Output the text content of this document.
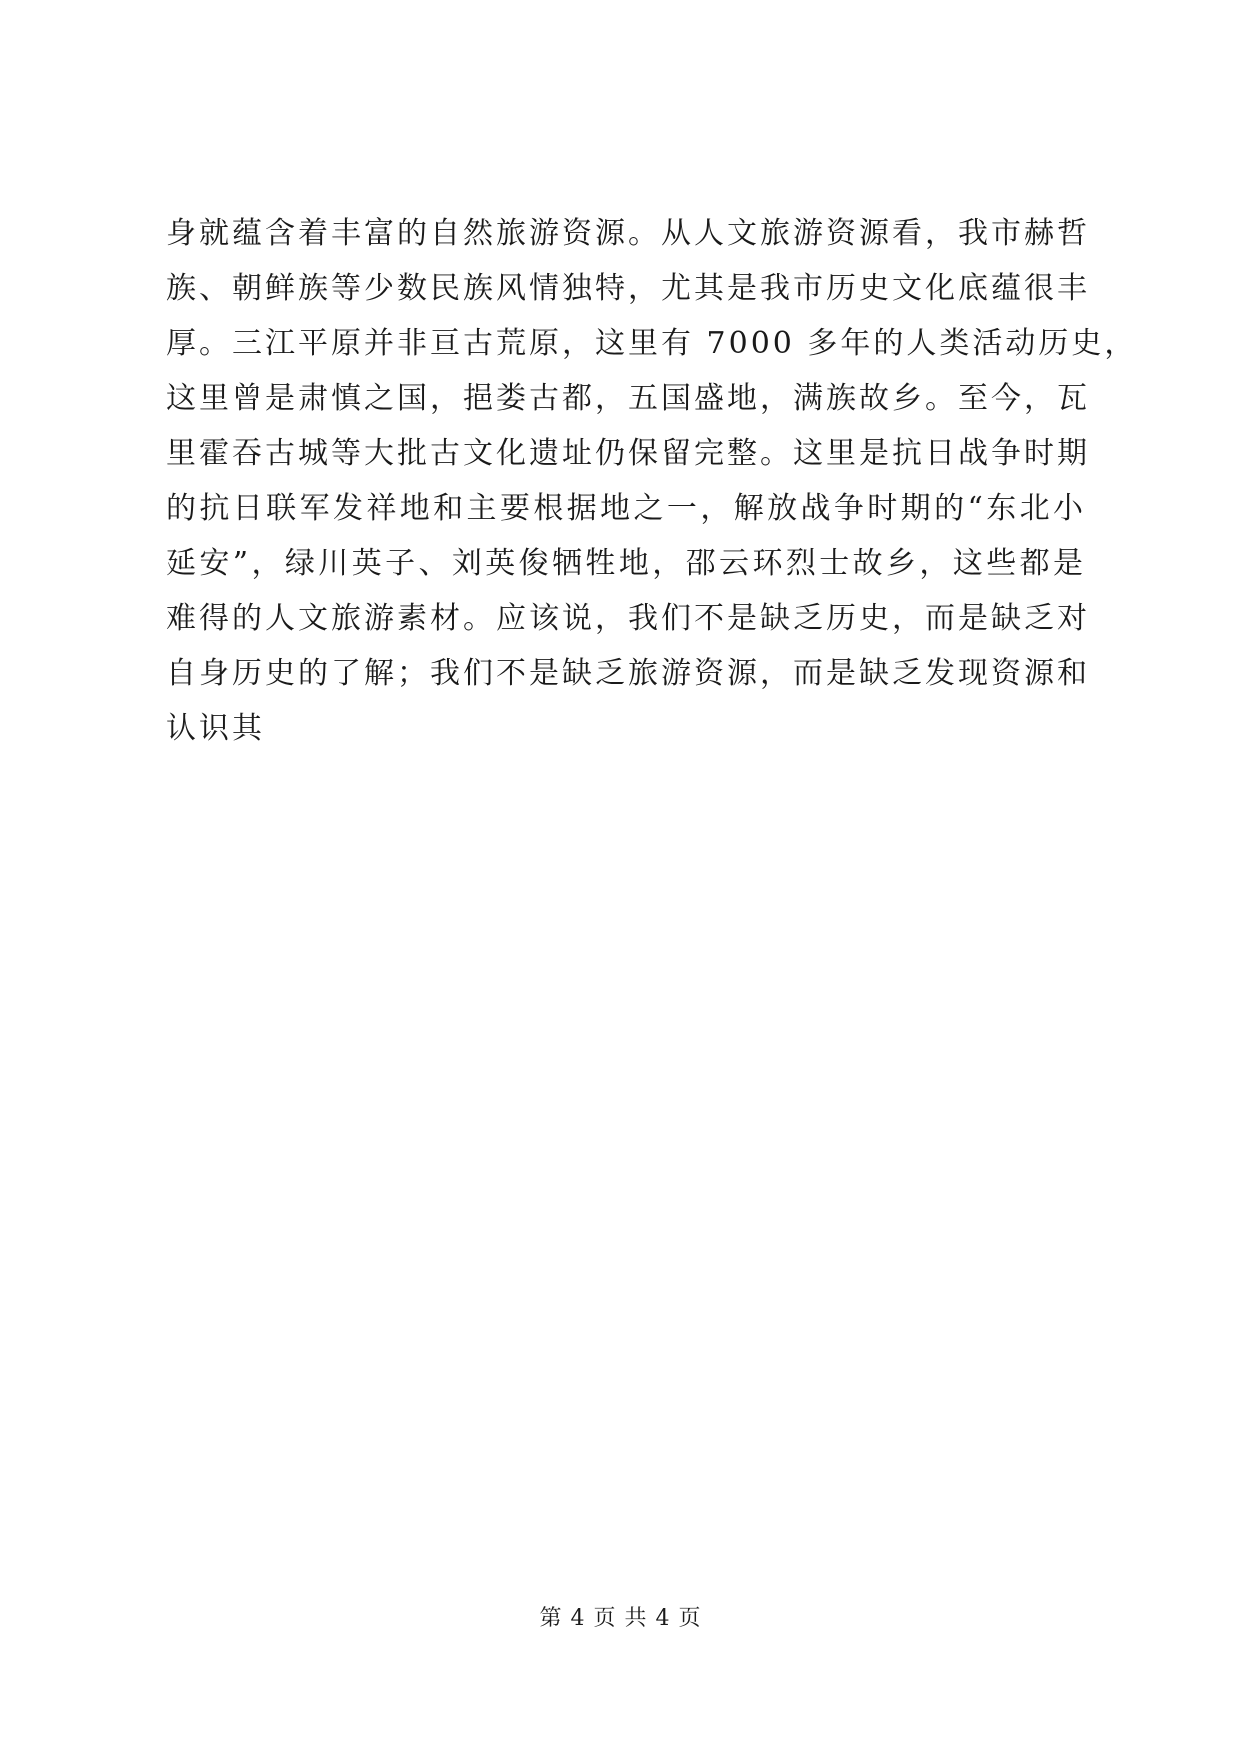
身就蕴含着丰富的自然旅游资源。从人文旅游资源看，我市赫哲
族、朝鲜族等少数民族风情独特，尤其是我市历史文化底蕴很丰
厚。三江平原并非亘古荒原，这里有 7000 多年的人类活动历史，
这里曾是肃慎之国，挹娄古都，五国盛地，满族故乡。至今，瓦
里霍吞古城等大批古文化遗址仍保留完整。这里是抗日战争时期
的抗日联军发祥地和主要根据地之一，解放战争时期的“东北小
延安”，绿川英子、刘英俊牺牲地，邵云环烈士故乡，这些都是
难得的人文旅游素材。应该说，我们不是缺乏历史，而是缺乏对
自身历史的了解；我们不是缺乏旅游资源，而是缺乏发现资源和
认识其
第 4 页 共 4 页
